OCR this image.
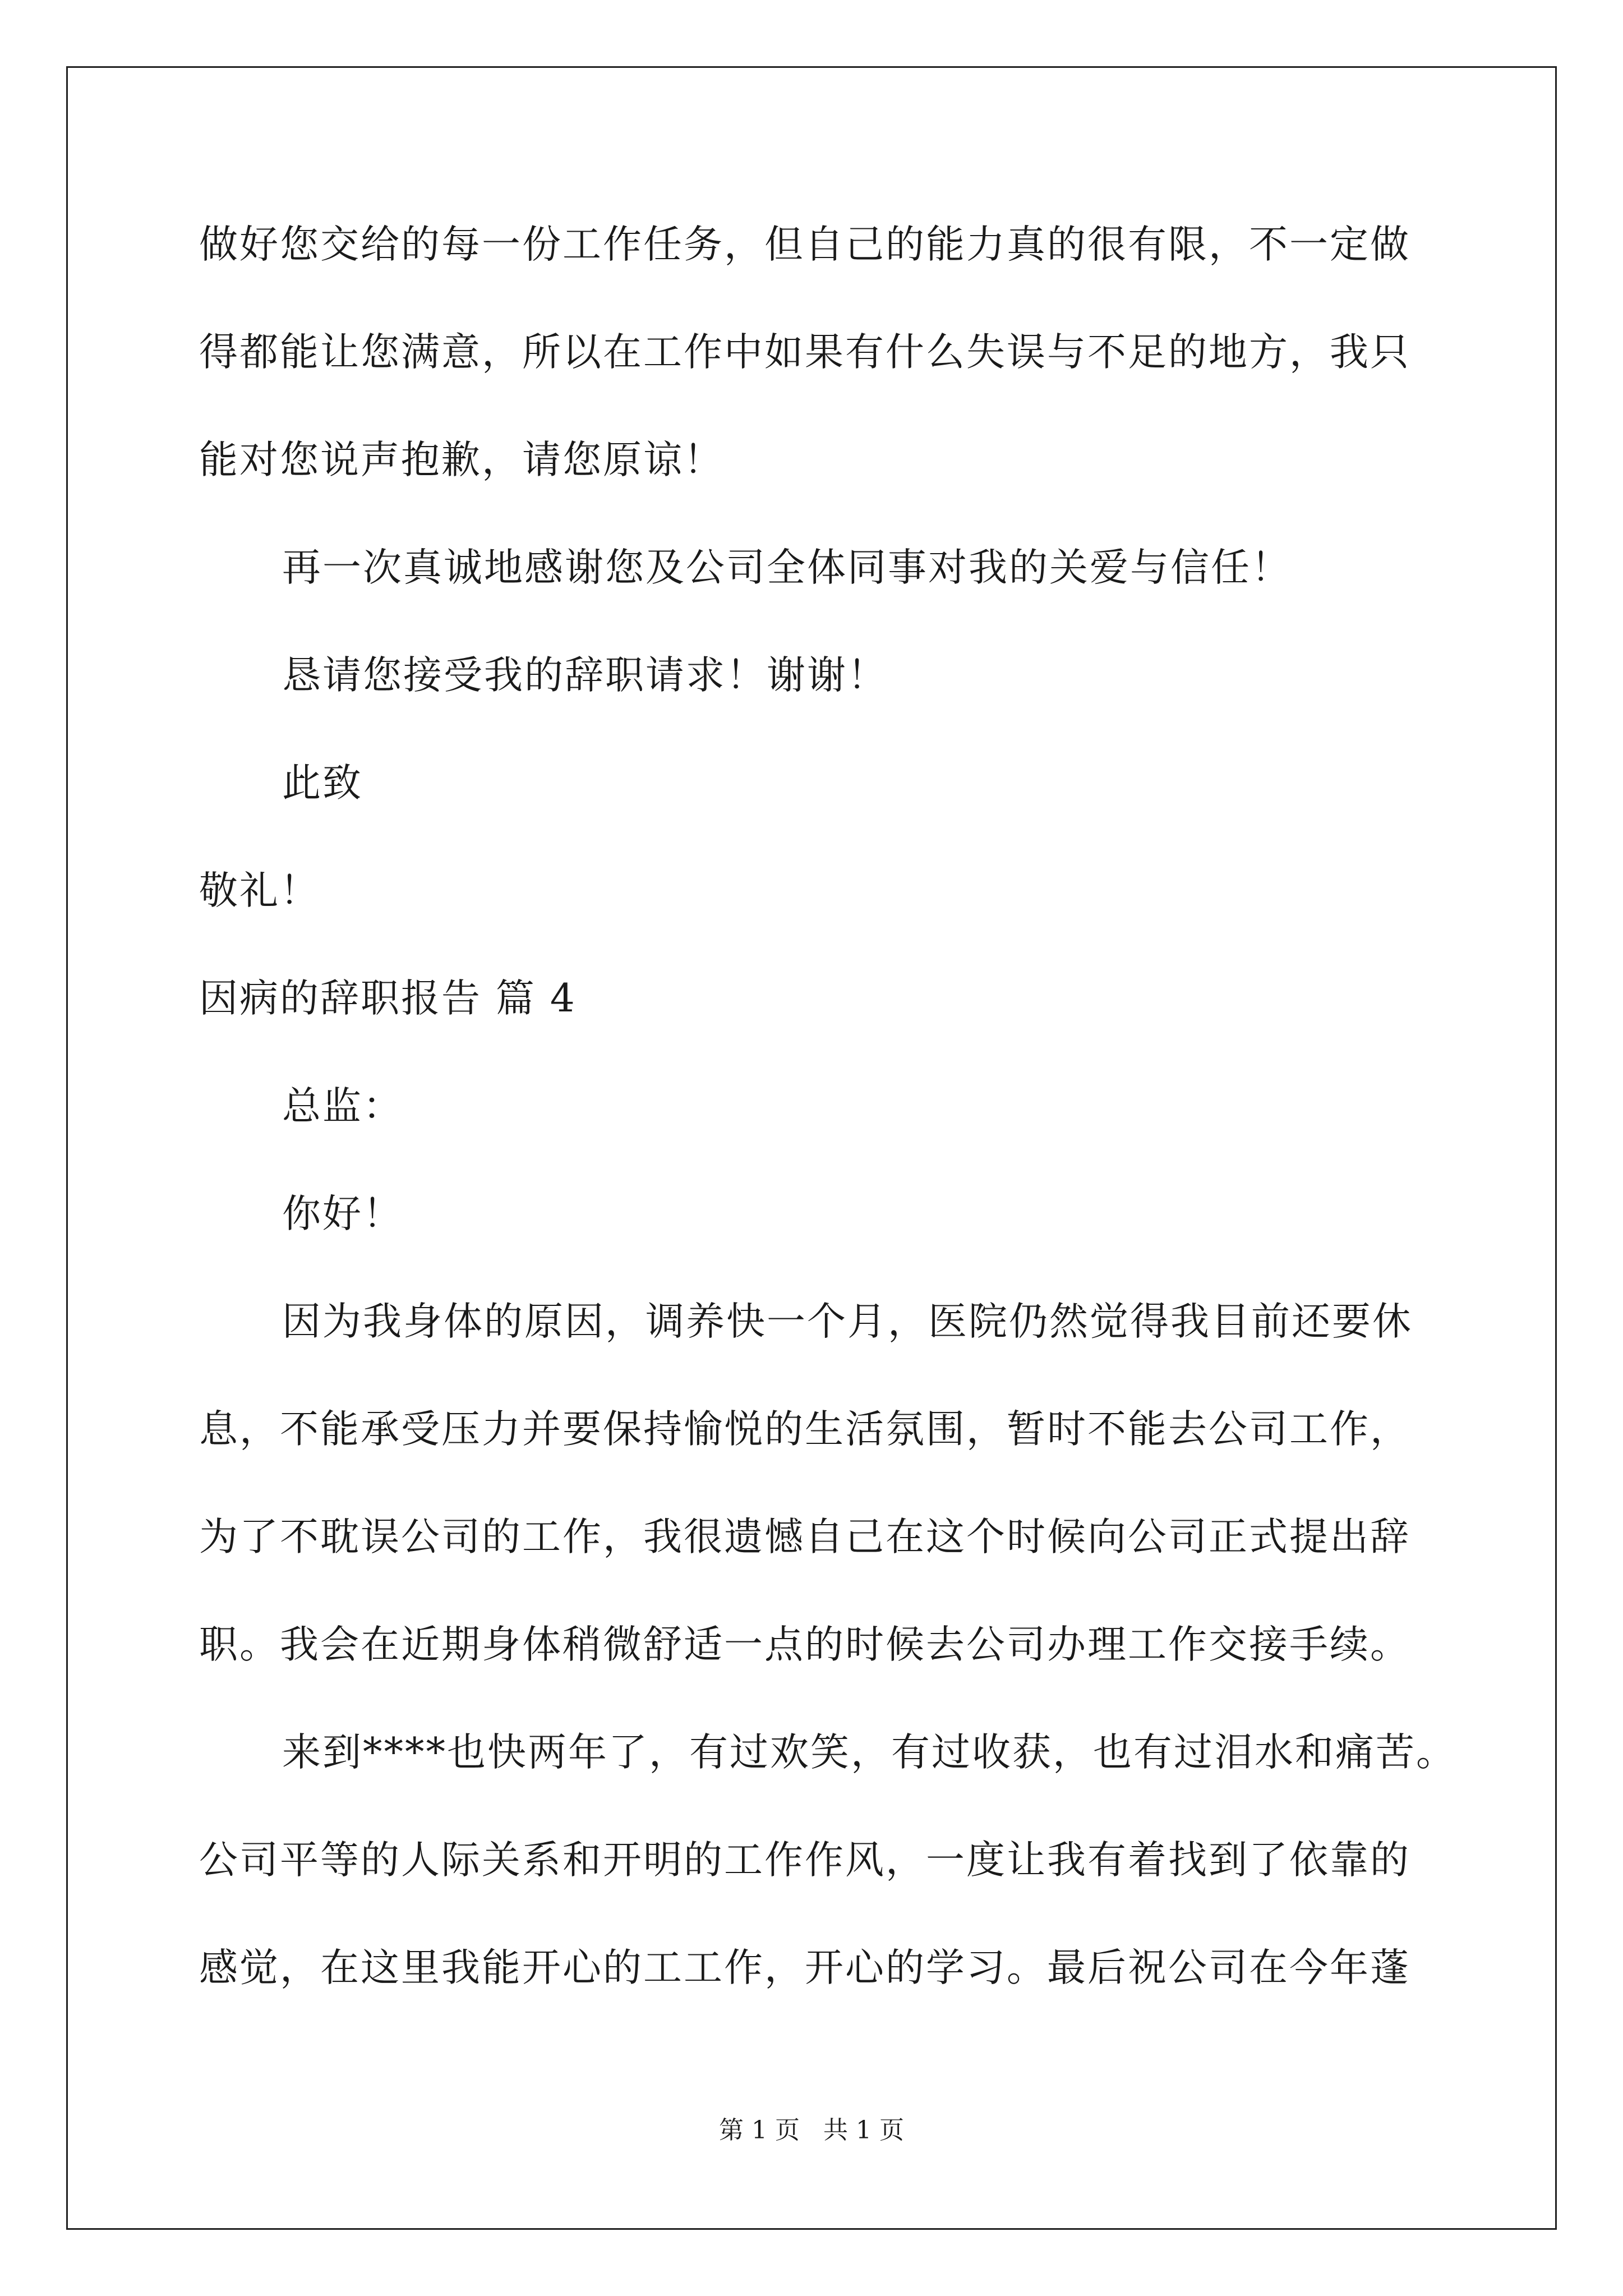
做好您交给的每一份工作任务，但自己的能力真的很有限，不一定做
得都能让您满意，所以在工作中如果有什么失误与不足的地方，我只
能对您说声抱歉，请您原谅！
再一次真诚地感谢您及公司全体同事对我的关爱与信任！
恳请您接受我的辞职请求！谢谢！
此致
敬礼！
因病的辞职报告 篇 4
总监：
你好！
因为我身体的原因，调养快一个月，医院仍然觉得我目前还要休
息，不能承受压力并要保持愉悦的生活氛围，暂时不能去公司工作，
为了不耽误公司的工作，我很遗憾自己在这个时候向公司正式提出辞
职。我会在近期身体稍微舒适一点的时候去公司办理工作交接手续。
来到****也快两年了，有过欢笑，有过收获，也有过泪水和痛苦。
公司平等的人际关系和开明的工作作风，一度让我有着找到了依靠的
感觉，在这里我能开心的工工作，开心的学习。最后祝公司在今年蓬
第 1 页   共 1 页
